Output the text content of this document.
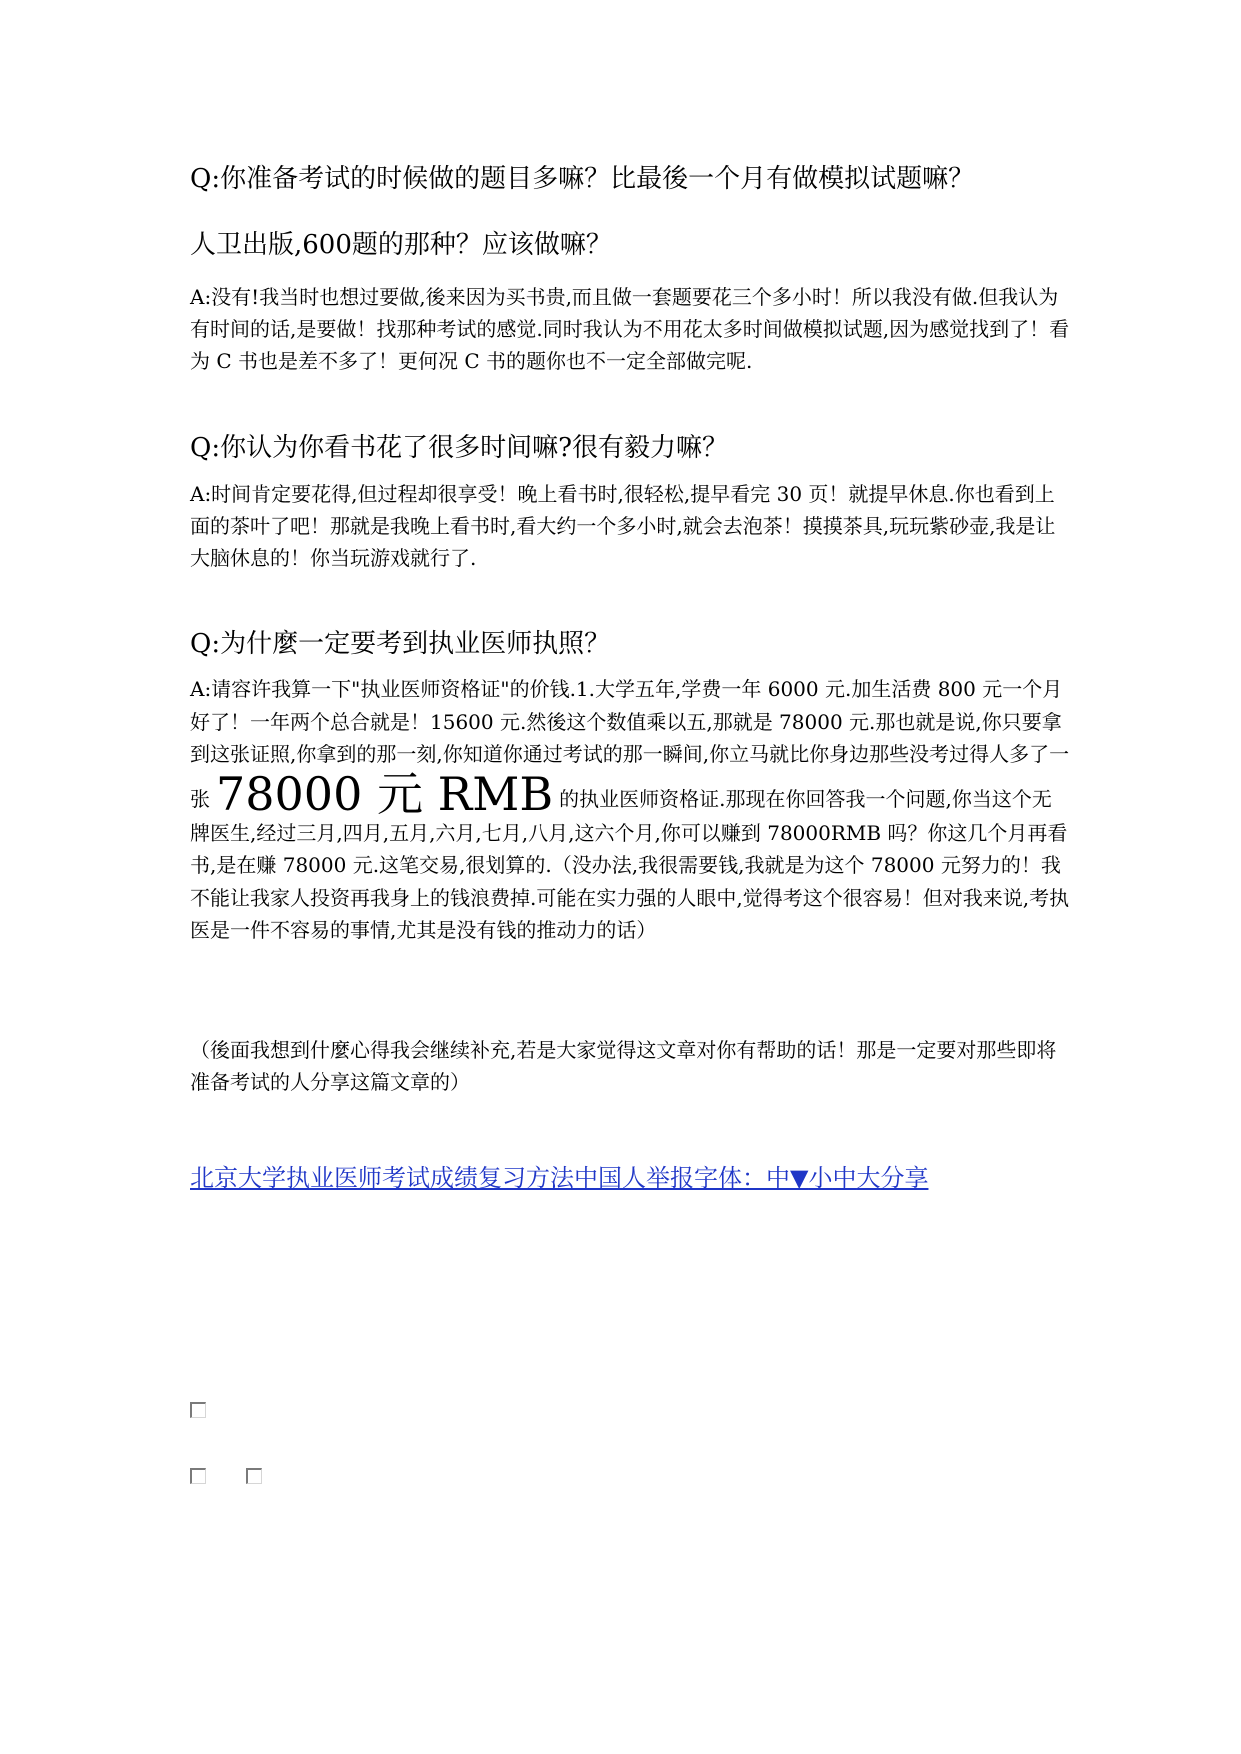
Q:你准备考试的时候做的题目多嘛？比最後一个月有做模拟试题嘛？

人卫出版,600题的那种？应该做嘛？

A:没有!我当时也想过要做,後来因为买书贵,而且做一套题要花三个多小时！所以我没有做.但我认为有时间的话,是要做！找那种考试的感觉.同时我认为不用花太多时间做模拟试题,因为感觉找到了！看为 C 书也是差不多了！更何况 C 书的题你也不一定全部做完呢.

Q:你认为你看书花了很多时间嘛?很有毅力嘛？

A:时间肯定要花得,但过程却很享受！晚上看书时,很轻松,提早看完 30 页！就提早休息.你也看到上面的茶叶了吧！那就是我晚上看书时,看大约一个多小时,就会去泡茶！摸摸茶具,玩玩紫砂壶,我是让大脑休息的！你当玩游戏就行了.

Q:为什麼一定要考到执业医师执照？

A:请容许我算一下"执业医师资格证"的价钱.1.大学五年,学费一年 6000 元.加生活费 800 元一个月好了！一年两个总合就是！15600 元.然後这个数值乘以五,那就是 78000 元.那也就是说,你只要拿到这张证照,你拿到的那一刻,你知道你通过考试的那一瞬间,你立马就比你身边那些没考过得人多了一张 78000 元 RMB 的执业医师资格证.那现在你回答我一个问题,你当这个无牌医生,经过三月,四月,五月,六月,七月,八月,这六个月,你可以赚到 78000RMB 吗？你这几个月再看书,是在赚 78000 元.这笔交易,很划算的.（没办法,我很需要钱,我就是为这个 78000 元努力的！我不能让我家人投资再我身上的钱浪费掉.可能在实力强的人眼中,觉得考这个很容易！但对我来说,考执医是一件不容易的事情,尤其是没有钱的推动力的话）

（後面我想到什麼心得我会继续补充,若是大家觉得这文章对你有帮助的话！那是一定要对那些即将准备考试的人分享这篇文章的）

北京大学执业医师考试成绩复习方法中国人举报字体：中▼小中大分享
